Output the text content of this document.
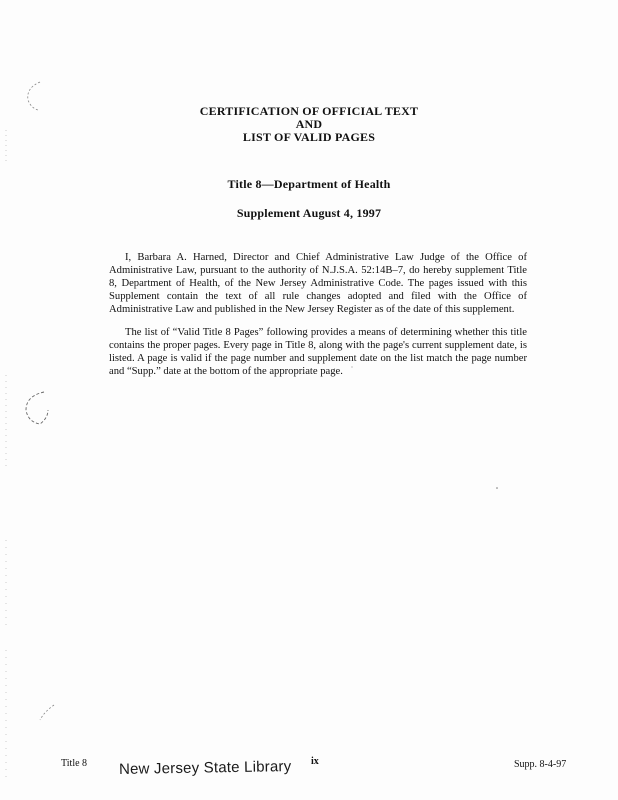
CERTIFICATION OF OFFICIAL TEXT
AND
LIST OF VALID PAGES
Title 8—Department of Health
Supplement August 4, 1997

I, Barbara A. Harned, Director and Chief Administrative Law Judge of the Office of Administrative Law, pursuant to the authority of N.J.S.A. 52:14B–7, do hereby supplement Title 8, Department of Health, of the New Jersey Administrative Code. The pages issued with this Supplement contain the text of all rule changes adopted and filed with the Office of Administrative Law and published in the New Jersey Register as of the date of this supplement.

The list of “Valid Title 8 Pages” following provides a means of determining whether this title contains the proper pages. Every page in Title 8, along with the page's current supplement date, is listed. A page is valid if the page number and supplement date on the list match the page number and “Supp.” date at the bottom of the appropriate page.

Title 8 New Jersey State Library ix	Supp. 8-4-97
